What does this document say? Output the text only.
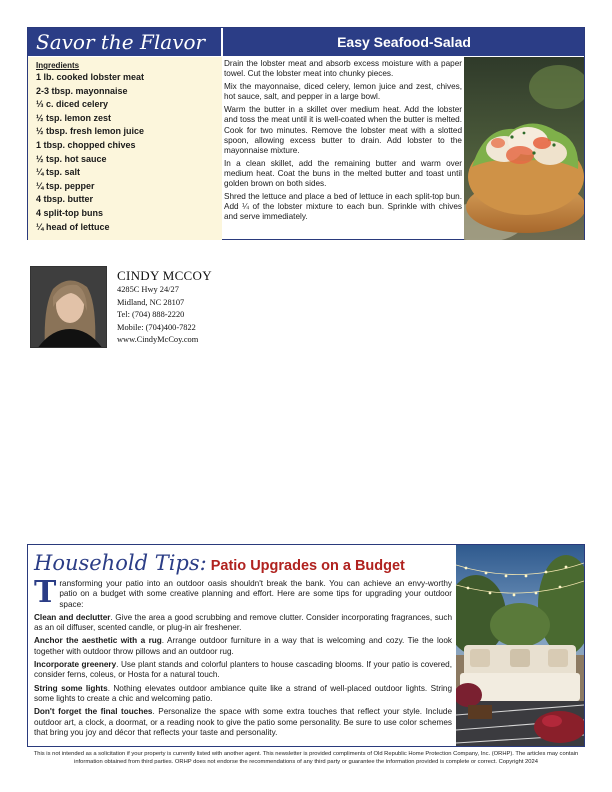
Savor the Flavor	Easy Seafood-Salad
Ingredients
1 lb. cooked lobster meat
2-3 tbsp. mayonnaise
⅓ c. diced celery
½ tsp. lemon zest
½ tbsp. fresh lemon juice
1 tbsp. chopped chives
½ tsp. hot sauce
¼ tsp. salt
¼ tsp. pepper
4 tbsp. butter
4 split-top buns
¼ head of lettuce

Drain the lobster meat and absorb excess moisture with a paper towel. Cut the lobster meat into chunky pieces.

Mix the mayonnaise, diced celery, lemon juice and zest, chives, hot sauce, salt, and pepper in a large bowl.

Warm the butter in a skillet over medium heat. Add the lobster and toss the meat until it is well-coated when the butter is melted. Cook for two minutes. Remove the lobster meat with a slotted spoon, allowing excess butter to drain. Add lobster to the mayonnaise mixture.

In a clean skillet, add the remaining butter and warm over medium heat. Coat the buns in the melted butter and toast until golden brown on both sides.

Shred the lettuce and place a bed of lettuce in each split-top bun. Add ¼ of the lobster mixture to each bun. Sprinkle with chives and serve immediately.

CINDY MCCOY
4285C Hwy 24/27
Midland, NC 28107
Tel: (704) 888-2220
Mobile: (704)400-7822
www.CindyMcCoy.com
Household Tips: Patio Upgrades on a Budget

Transforming your patio into an outdoor oasis shouldn't break the bank. You can achieve an envy-worthy patio on a budget with some creative planning and effort. Here are some tips for upgrading your outdoor space:

Clean and declutter. Give the area a good scrubbing and remove clutter. Consider incorporating fragrances, such as an oil diffuser, scented candle, or plug-in air freshener.

Anchor the aesthetic with a rug. Arrange outdoor furniture in a way that is welcoming and cozy. Tie the look together with outdoor throw pillows and an outdoor rug.

Incorporate greenery. Use plant stands and colorful planters to house cascading blooms. If your patio is covered, consider ferns, coleus, or Hosta for a natural touch.

String some lights. Nothing elevates outdoor ambiance quite like a strand of well-placed outdoor lights. String some lights to create a chic and welcoming patio.

Don't forget the final touches. Personalize the space with some extra touches that reflect your style. Include outdoor art, a clock, a doormat, or a reading nook to give the patio some personality. Be sure to use color schemes that bring you joy and décor that reflects your taste and personality.

This is not intended as a solicitation if your property is currently listed with another agent. This newsletter is provided compliments of Old Republic Home Protection Company, Inc. (ORHP). The articles may contain information obtained from third parties. ORHP does not endorse the recommendations of any third party or guarantee the information provided is complete or correct. Copyright 2024
